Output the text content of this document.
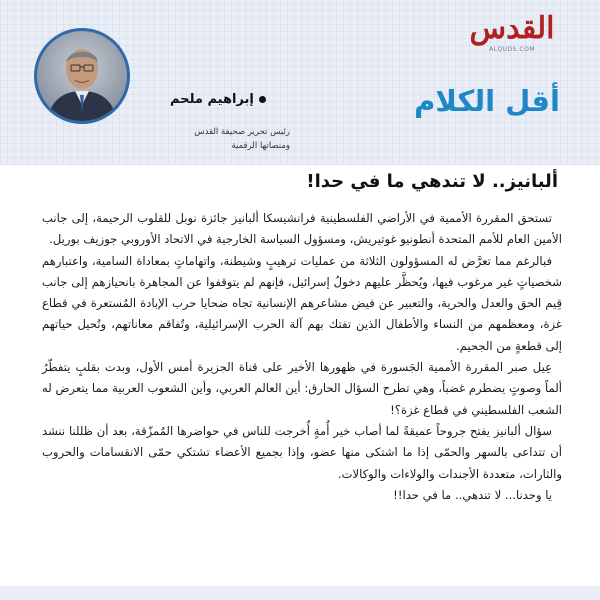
القدس
ALQUDS.COM
أقل الكلام
إبراهيم ملحم
رئيس تحرير صحيفة القدس ومنصاتها الرقمية
ألبانيز.. لا تندهي ما في حدا!

تستحق المقررة الأممية في الأراضي الفلسطينية فرانشيسكا ألبانيز جائزة نوبل للقلوب الرحيمة، إلى جانب الأمين العام للأمم المتحدة أنطونيو غوتيريش، ومسؤول السياسة الخارجية في الاتحاد الأوروبي جوزيف بوريل.

فبالرغم مما تعرَّض له المسؤولون الثلاثة من عمليات ترهيبٍ وشيطنة، واتهاماتٍ بمعاداة السامية، واعتبارهم شخصياتٍ غير مرغوب فيها، ويُحظَّر عليهم دخولُ إسرائيل، فإنهم لم يتوقفوا عن المجاهرة بانحيازهم إلى جانب قِيم الحق والعدل والحرية، والتعبير عن فيض مشاعرهم الإنسانية تجاه ضحايا حرب الإبادة المُستعرة في قطاع غزة، ومعظمهم من النساء والأطفال الذين تفتك بهم آلة الحرب الإسرائيلية، وتُفاقم معاناتهم، وتُحيل حياتهم إلى قطعةٍ من الجحيم.

عِيل صبر المقررة الأممية الجَسورة في ظهورها الأخير على قناة الجزيرة أمس الأول، وبدت بقلبٍ يتفطّرُ ألماً وصوتٍ يضطرم غضباً، وهي تطرح السؤال الحارق: أين العالم العربي، وأين الشعوب العربية مما يتعرض له الشعب الفلسطيني في قطاع غزة؟!

سؤال ألبانيز يفتح جروحاً عميقةً لما أصاب خير أُمةٍ أُخرجت للناس في حواضرها المُمزّقة، بعد أن ظللنا ننشد أن تتداعى بالسهر والحمّى إذا ما اشتكى منها عضو، وإذا بجميع الأعضاء تشتكي حمّى الانقسامات والحروب والثارات، متعددة الأجندات والولاءات والوكالات.

يا وحدنا... لا تندهي.. ما في حدا!!
